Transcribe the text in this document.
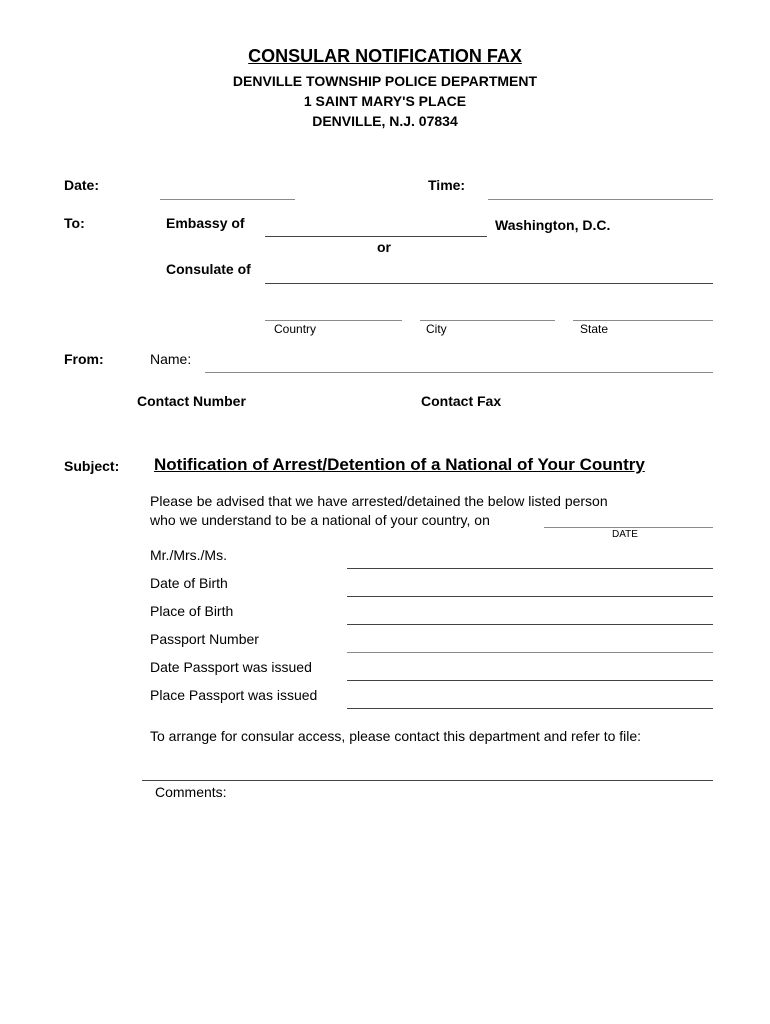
CONSULAR NOTIFICATION FAX
DENVILLE TOWNSHIP POLICE DEPARTMENT
1 SAINT MARY'S PLACE
DENVILLE, N.J. 07834
Date:	Time:
To:	Embassy of	Washington, D.C.
or
Consulate of
Country	City	State
From:	Name:
Contact Number	Contact Fax
Subject: Notification of Arrest/Detention of a National of Your Country
Please be advised that we have arrested/detained the below listed person
who we understand to be a national of your country, on
DATE
Mr./Mrs./Ms.
Date of Birth
Place of Birth
Passport Number
Date Passport was issued
Place Passport was issued
To arrange for consular access, please contact this department and refer to file:
Comments:
